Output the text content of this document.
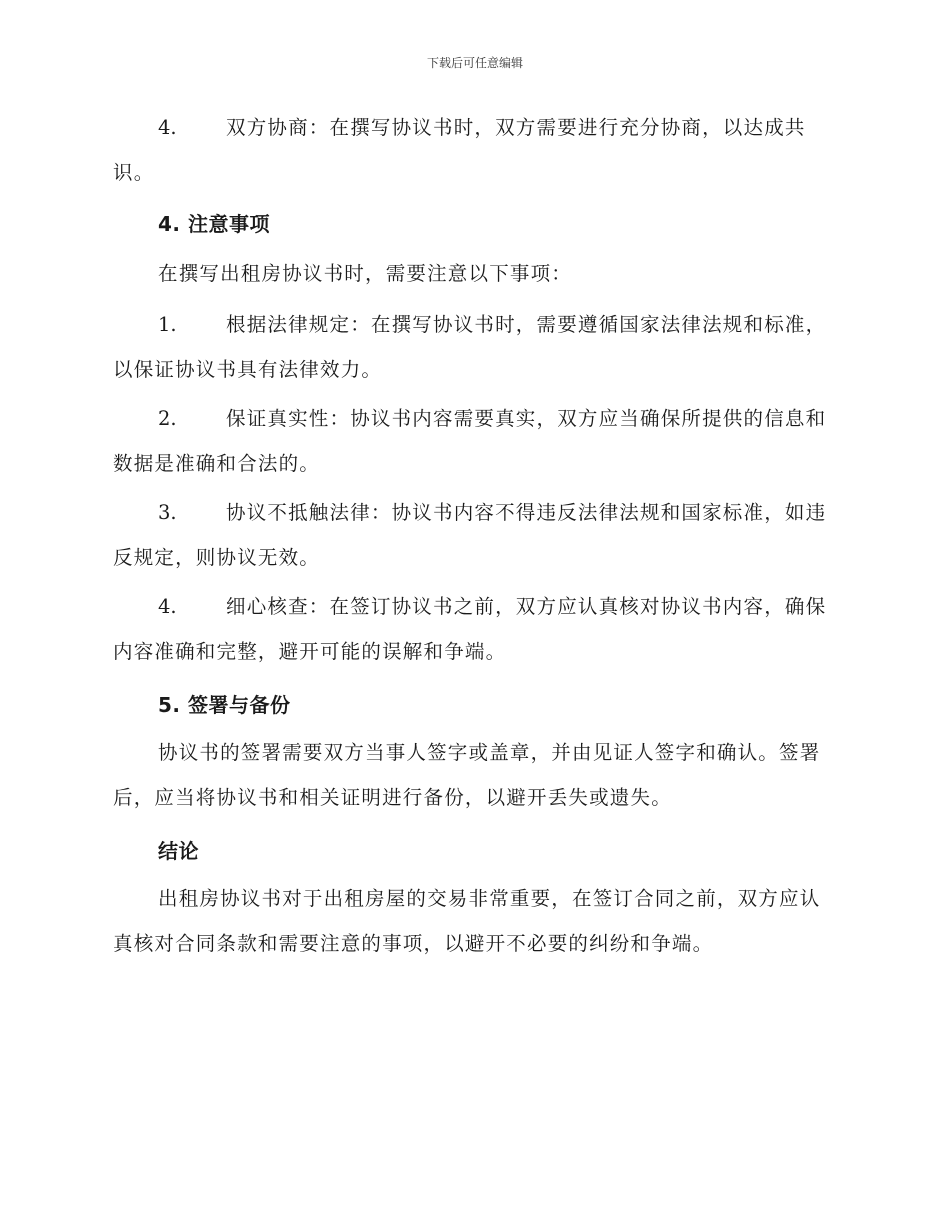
下载后可任意编辑
4.	双方协商：在撰写协议书时，双方需要进行充分协商，以达成共识。

4. 注意事项

在撰写出租房协议书时，需要注意以下事项：

1.	根据法律规定：在撰写协议书时，需要遵循国家法律法规和标准，以保证协议书具有法律效力。

2.	保证真实性：协议书内容需要真实，双方应当确保所提供的信息和数据是准确和合法的。

3.	协议不抵触法律：协议书内容不得违反法律法规和国家标准，如违反规定，则协议无效。

4.	细心核查：在签订协议书之前，双方应认真核对协议书内容，确保内容准确和完整，避开可能的误解和争端。

5. 签署与备份

协议书的签署需要双方当事人签字或盖章，并由见证人签字和确认。签署后，应当将协议书和相关证明进行备份，以避开丢失或遗失。

结论

出租房协议书对于出租房屋的交易非常重要，在签订合同之前，双方应认真核对合同条款和需要注意的事项，以避开不必要的纠纷和争端。
